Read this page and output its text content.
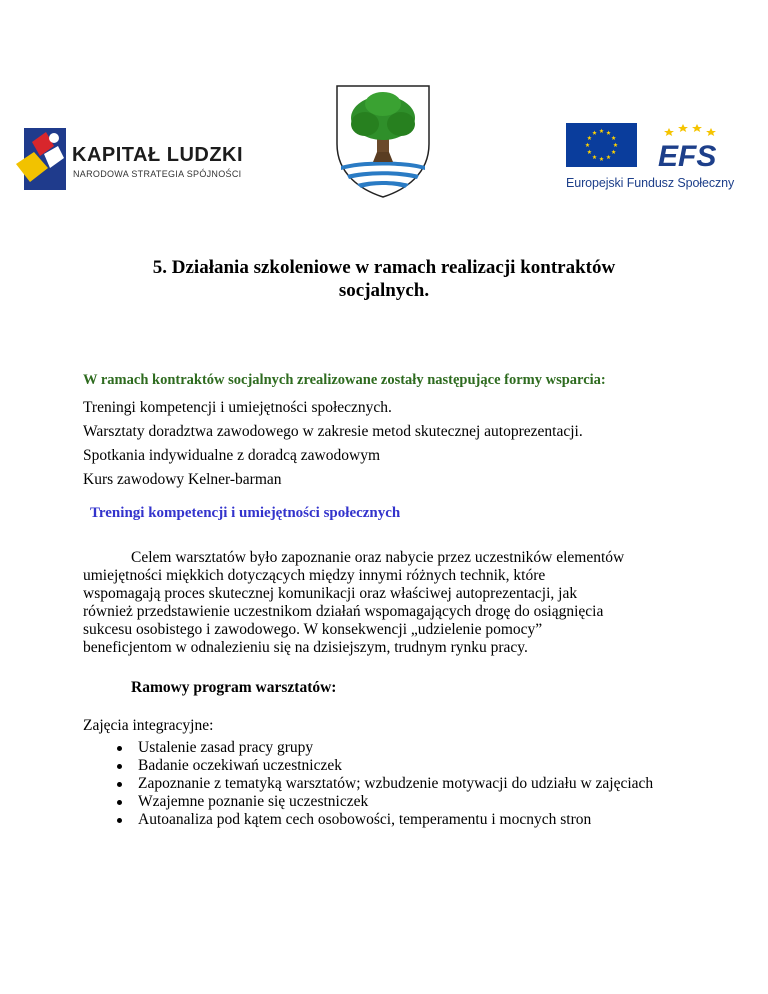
KAPITAŁ LUDZKI
NARODOWA STRATEGIA SPÓJNOŚCI
EFS
Europejski Fundusz Społeczny
5. Działania szkoleniowe w ramach realizacji kontraktów
socjalnych.
W ramach kontraktów socjalnych zrealizowane zostały następujące formy wsparcia:
Treningi kompetencji i umiejętności społecznych.
Warsztaty doradztwa zawodowego w zakresie metod skutecznej autoprezentacji.
Spotkania indywidualne z doradcą zawodowym
Kurs zawodowy Kelner-barman
Treningi kompetencji i umiejętności społecznych
Celem warsztatów było zapoznanie oraz nabycie przez uczestników elementów
umiejętności miękkich dotyczących między innymi różnych technik, które
wspomagają proces skutecznej komunikacji oraz właściwej autoprezentacji, jak
również przedstawienie uczestnikom działań wspomagających drogę do osiągnięcia
sukcesu osobistego i zawodowego. W konsekwencji „udzielenie pomocy”
beneficjentom w odnalezieniu się na dzisiejszym, trudnym rynku pracy.
Ramowy program warsztatów:
Zajęcia integracyjne:
Ustalenie zasad pracy grupy
Badanie oczekiwań uczestniczek
Zapoznanie z tematyką warsztatów; wzbudzenie motywacji do udziału w zajęciach
Wzajemne poznanie się uczestniczek
Autoanaliza pod kątem cech osobowości, temperamentu i mocnych stron
